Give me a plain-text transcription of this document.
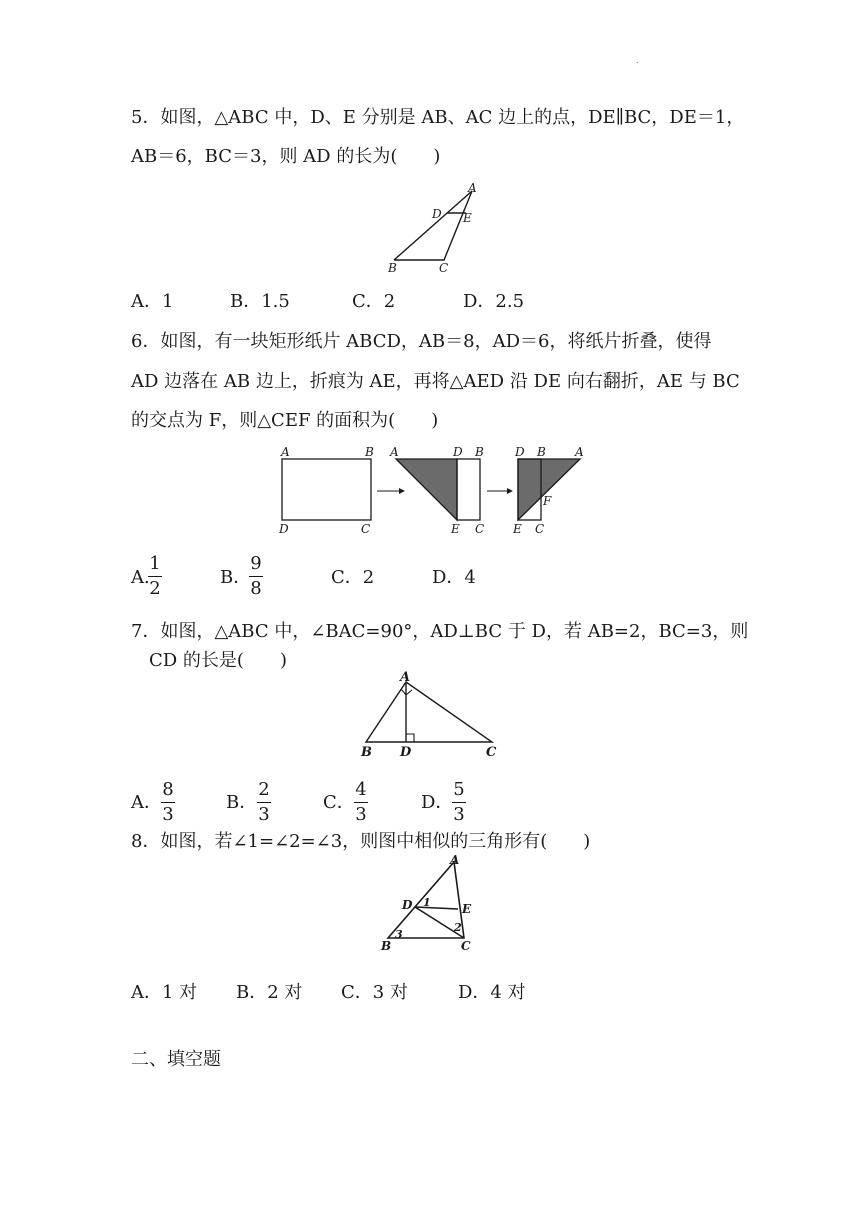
.
5．如图，△ABC 中，D、E 分别是 AB、AC 边上的点，DE∥BC，DE＝1，
AB＝6，BC＝3，则 AD 的长为(　　)
A
D E
B	C
A．1	B．1.5	C．2	D．2.5
6．如图，有一块矩形纸片 ABCD，AB＝8，AD＝6，将纸片折叠，使得
AD 边落在 AB 边上，折痕为 AE，再将△AED 沿 DE 向右翻折，AE 与 BC
的交点为 F，则△CEF 的面积为(　　)
A	B
D	C
A	D B
E C
D B A
F
E C
A.
1
2
B．
9
8
C．2	D．4
7．如图，△ABC 中，∠BAC=90°，AD⊥BC 于 D，若 AB=2，BC=3，则
CD 的长是(　　)
A
B D	C
A．
8
3
B．
2
3
C．
4
3
D．
5
3
8．如图，若∠1=∠2=∠3，则图中相似的三角形有(　　)
A
D	E
B	C
1
2
3
A．1 对 B．2 对 C．3 对	D．4 对
二、填空题
